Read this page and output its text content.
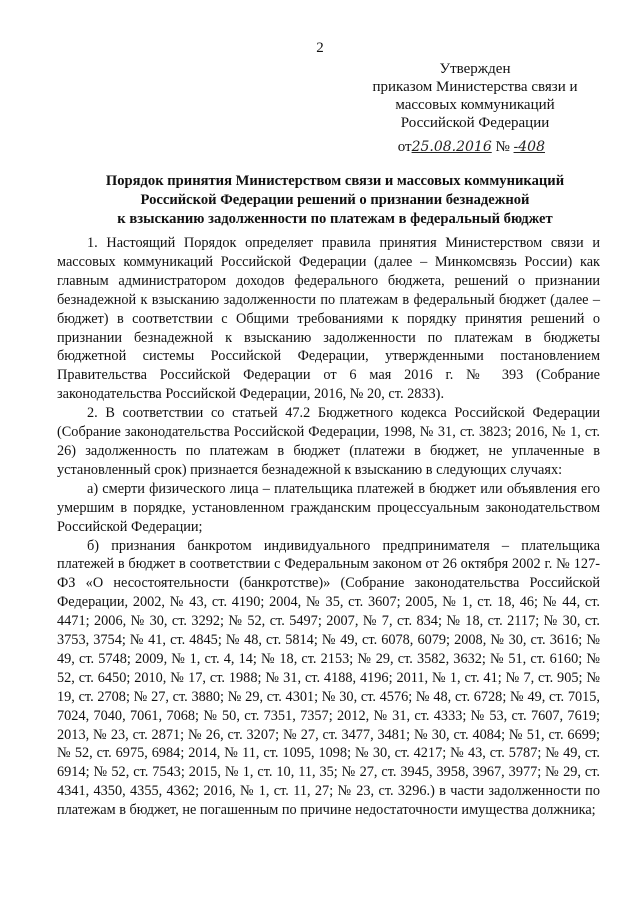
2
Утвержден
приказом Министерства связи и
массовых коммуникаций
Российской Федерации
от25.08.2016 № -408
Порядок принятия Министерством связи и массовых коммуникаций
Российской Федерации решений о признании безнадежной
к взысканию задолженности по платежам в федеральный бюджет

1. Настоящий Порядок определяет правила принятия Министерством связи и массовых коммуникаций Российской Федерации (далее – Минкомсвязь России) как главным администратором доходов федерального бюджета, решений о признании безнадежной к взысканию задолженности по платежам в федеральный бюджет (далее – бюджет) в соответствии с Общими требованиями к порядку принятия решений о признании безнадежной к взысканию задолженности по платежам в бюджеты бюджетной системы Российской Федерации, утвержденными постановлением Правительства Российской Федерации от 6 мая 2016 г. № 393 (Собрание законодательства Российской Федерации, 2016, № 20, ст. 2833).

2. В соответствии со статьей 47.2 Бюджетного кодекса Российской Федерации (Собрание законодательства Российской Федерации, 1998, № 31, ст. 3823; 2016, № 1, ст. 26) задолженность по платежам в бюджет (платежи в бюджет, не уплаченные в установленный срок) признается безнадежной к взысканию в следующих случаях:

а) смерти физического лица – плательщика платежей в бюджет или объявления его умершим в порядке, установленном гражданским процессуальным законодательством Российской Федерации;

б) признания банкротом индивидуального предпринимателя – плательщика платежей в бюджет в соответствии с Федеральным законом от 26 октября 2002 г. № 127-ФЗ «О несостоятельности (банкротстве)» (Собрание законодательства Российской Федерации, 2002, № 43, ст. 4190; 2004, № 35, ст. 3607; 2005, № 1, ст. 18, 46; № 44, ст. 4471; 2006, № 30, ст. 3292; № 52, ст. 5497; 2007, № 7, ст. 834; № 18, ст. 2117; № 30, ст. 3753, 3754; № 41, ст. 4845; № 48, ст. 5814; № 49, ст. 6078, 6079; 2008, № 30, ст. 3616; № 49, ст. 5748; 2009, № 1, ст. 4, 14; № 18, ст. 2153; № 29, ст. 3582, 3632; № 51, ст. 6160; № 52, ст. 6450; 2010, № 17, ст. 1988; № 31, ст. 4188, 4196; 2011, № 1, ст. 41; № 7, ст. 905; № 19, ст. 2708; № 27, ст. 3880; № 29, ст. 4301; № 30, ст. 4576; № 48, ст. 6728; № 49, ст. 7015, 7024, 7040, 7061, 7068; № 50, ст. 7351, 7357; 2012, № 31, ст. 4333; № 53, ст. 7607, 7619; 2013, № 23, ст. 2871; № 26, ст. 3207; № 27, ст. 3477, 3481; № 30, ст. 4084; № 51, ст. 6699; № 52, ст. 6975, 6984; 2014, № 11, ст. 1095, 1098; № 30, ст. 4217; № 43, ст. 5787; № 49, ст. 6914; № 52, ст. 7543; 2015, № 1, ст. 10, 11, 35; № 27, ст. 3945, 3958, 3967, 3977; № 29, ст. 4341, 4350, 4355, 4362; 2016, № 1, ст. 11, 27; № 23, ст. 3296.) в части задолженности по платежам в бюджет, не погашенным по причине недостаточности имущества должника;
